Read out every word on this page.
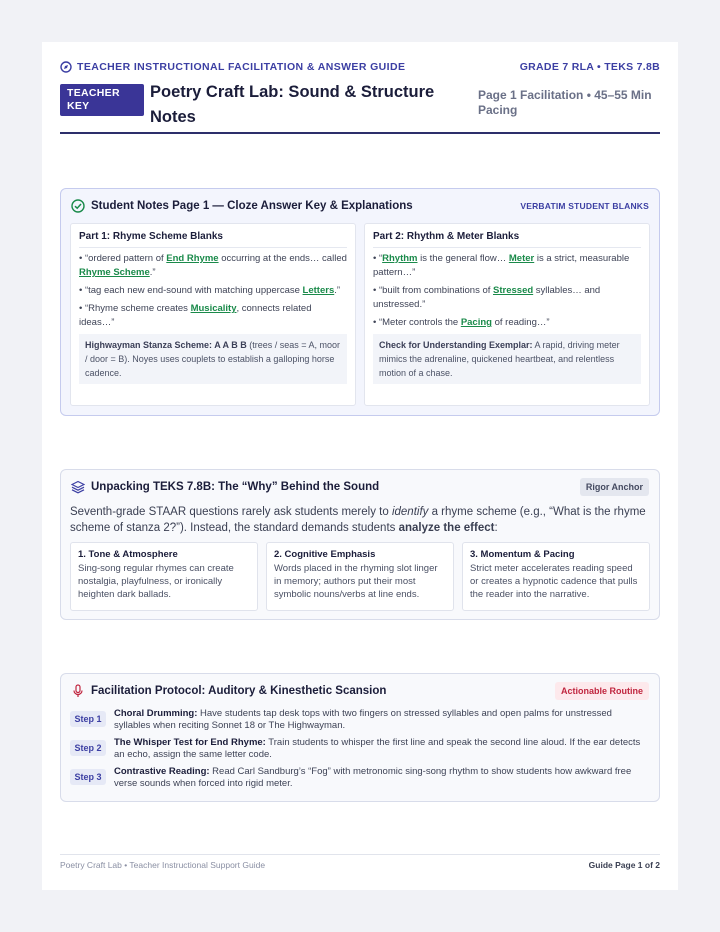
TEACHER INSTRUCTIONAL FACILITATION & ANSWER GUIDE	GRADE 7 RLA • TEKS 7.8B
TEACHER
KEY
Poetry Craft Lab: Sound & Structure Notes
Page 1 Facilitation • 45–55 Min Pacing
Student Notes Page 1 — Cloze Answer Key & Explanations	VERBATIM STUDENT BLANKS
Part 1: Rhyme Scheme Blanks

• “ordered pattern of End Rhyme occurring at the ends… called Rhyme Scheme.”

• “tag each new end-sound with matching uppercase Letters.”

• “Rhyme scheme creates Musicality, connects related ideas…”

Highwayman Stanza Scheme: A A B B (trees / seas = A, moor / door = B). Noyes uses couplets to establish a galloping horse cadence.
Part 2: Rhythm & Meter Blanks

• “Rhythm is the general flow… Meter is a strict, measurable pattern…”

• “built from combinations of Stressed syllables… and unstressed.”

• “Meter controls the Pacing of reading…”

Check for Understanding Exemplar: A rapid, driving meter mimics the adrenaline, quickened heartbeat, and relentless motion of a chase.
Unpacking TEKS 7.8B: The “Why” Behind the Sound	Rigor Anchor
Seventh-grade STAAR questions rarely ask students merely to identify a rhyme scheme (e.g., “What is the rhyme scheme of stanza 2?”). Instead, the standard demands students analyze the effect:
1. Tone & Atmosphere

Sing-song regular rhymes can create nostalgia, playfulness, or ironically heighten dark ballads.

2. Cognitive Emphasis

Words placed in the rhyming slot linger in memory; authors put their most symbolic nouns/verbs at line ends.

3. Momentum & Pacing

Strict meter accelerates reading speed or creates a hypnotic cadence that pulls the reader into the narrative.

Facilitation Protocol: Auditory & Kinesthetic Scansion	Actionable Routine
Step 1	Choral Drumming: Have students tap desk tops with two fingers on stressed syllables and open palms for unstressed syllables when reciting Sonnet 18 or The Highwayman.

Step 2	The Whisper Test for End Rhyme: Train students to whisper the first line and speak the second line aloud. If the ear detects an echo, assign the same letter code.

Step 3	Contrastive Reading: Read Carl Sandburg’s “Fog” with metronomic sing-song rhythm to show students how awkward free verse sounds when forced into rigid meter.

Poetry Craft Lab • Teacher Instructional Support Guide	Guide Page 1 of 2
